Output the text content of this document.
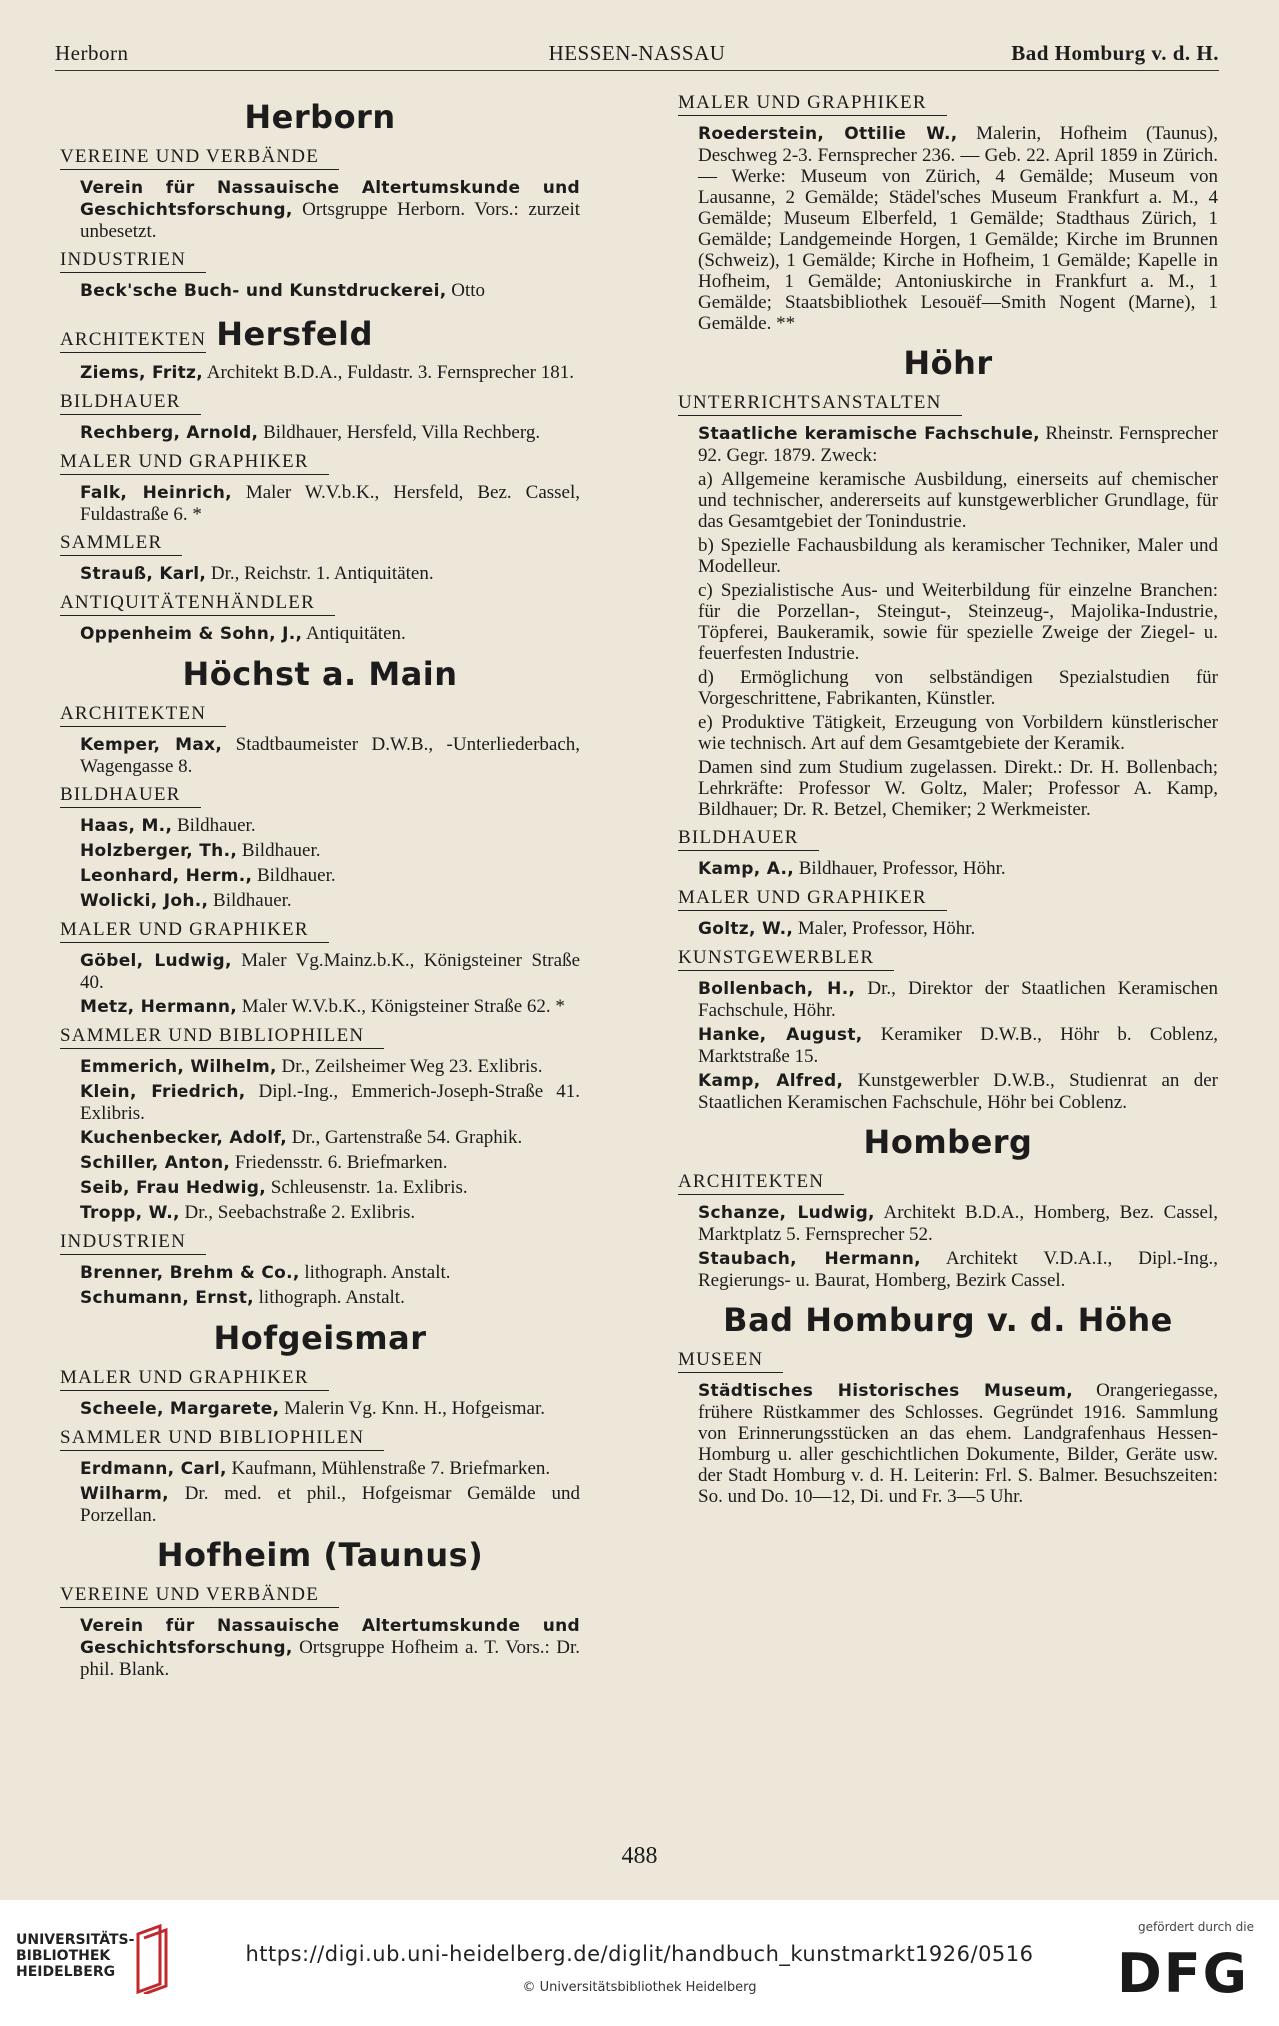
Herborn	HESSEN-NASSAU	Bad Homburg v. d. H.
Herborn
VEREINE UND VERBÄNDE
Verein für Nassauische Altertumskunde und Geschichtsforschung, Ortsgruppe Herborn. Vors.: zurzeit unbesetzt.
INDUSTRIEN
Beck'sche Buch- und Kunstdruckerei, Otto
ARCHITEKTEN Hersfeld
Ziems, Fritz, Architekt B.D.A., Fuldastr. 3. Fernsprecher 181.
BILDHAUER
Rechberg, Arnold, Bildhauer, Hersfeld, Villa Rechberg.
MALER UND GRAPHIKER
Falk, Heinrich, Maler W.V.b.K., Hersfeld, Bez. Cassel, Fuldastraße 6. *
SAMMLER
Strauß, Karl, Dr., Reichstr. 1. Antiquitäten.
ANTIQUITÄTENHÄNDLER
Oppenheim & Sohn, J., Antiquitäten.
Höchst a. Main
ARCHITEKTEN
Kemper, Max, Stadtbaumeister D.W.B., -Unterliederbach, Wagengasse 8.
BILDHAUER
Haas, M., Bildhauer.
Holzberger, Th., Bildhauer.
Leonhard, Herm., Bildhauer.
Wolicki, Joh., Bildhauer.
MALER UND GRAPHIKER
Göbel, Ludwig, Maler Vg.Mainz.b.K., Königsteiner Straße 40.
Metz, Hermann, Maler W.V.b.K., Königsteiner Straße 62. *
SAMMLER UND BIBLIOPHILEN
Emmerich, Wilhelm, Dr., Zeilsheimer Weg 23. Exlibris.
Klein, Friedrich, Dipl.-Ing., Emmerich-Joseph-Straße 41. Exlibris.
Kuchenbecker, Adolf, Dr., Gartenstraße 54. Graphik.
Schiller, Anton, Friedensstr. 6. Briefmarken.
Seib, Frau Hedwig, Schleusenstr. 1a. Exlibris.
Tropp, W., Dr., Seebachstraße 2. Exlibris.
INDUSTRIEN
Brenner, Brehm & Co., lithograph. Anstalt.
Schumann, Ernst, lithograph. Anstalt.
Hofgeismar
MALER UND GRAPHIKER
Scheele, Margarete, Malerin Vg. Knn. H., Hofgeismar.
SAMMLER UND BIBLIOPHILEN
Erdmann, Carl, Kaufmann, Mühlenstraße 7. Briefmarken.
Wilharm, Dr. med. et phil., Hofgeismar Gemälde und Porzellan.
Hofheim (Taunus)
VEREINE UND VERBÄNDE
Verein für Nassauische Altertumskunde und Geschichtsforschung, Ortsgruppe Hofheim a. T. Vors.: Dr. phil. Blank.
MALER UND GRAPHIKER
Roederstein, Ottilie W., Malerin, Hofheim (Taunus), Deschweg 2-3. Fernsprecher 236. — Geb. 22. April 1859 in Zürich. — Werke: Museum von Zürich, 4 Gemälde; Museum von Lausanne, 2 Gemälde; Städel'sches Museum Frankfurt a. M., 4 Gemälde; Museum Elberfeld, 1 Gemälde; Stadthaus Zürich, 1 Gemälde; Landgemeinde Horgen, 1 Gemälde; Kirche im Brunnen (Schweiz), 1 Gemälde; Kirche in Hofheim, 1 Gemälde; Kapelle in Hofheim, 1 Gemälde; Antoniuskirche in Frankfurt a. M., 1 Gemälde; Staatsbibliothek Lesouëf—Smith Nogent (Marne), 1 Gemälde. **
Höhr
UNTERRICHTSANSTALTEN
Staatliche keramische Fachschule, Rheinstr. Fernsprecher 92. Gegr. 1879. Zweck:
a) Allgemeine keramische Ausbildung, einerseits auf chemischer und technischer, andererseits auf kunstgewerblicher Grundlage, für das Gesamtgebiet der Tonindustrie.
b) Spezielle Fachausbildung als keramischer Techniker, Maler und Modelleur.
c) Spezialistische Aus- und Weiterbildung für einzelne Branchen: für die Porzellan-, Steingut-, Steinzeug-, Majolika-Industrie, Töpferei, Baukeramik, sowie für spezielle Zweige der Ziegel- u. feuerfesten Industrie.
d) Ermöglichung von selbständigen Spezialstudien für Vorgeschrittene, Fabrikanten, Künstler.
e) Produktive Tätigkeit, Erzeugung von Vorbildern künstlerischer wie technisch. Art auf dem Gesamtgebiete der Keramik.
Damen sind zum Studium zugelassen. Direkt.: Dr. H. Bollenbach; Lehrkräfte: Professor W. Goltz, Maler; Professor A. Kamp, Bildhauer; Dr. R. Betzel, Chemiker; 2 Werkmeister.
BILDHAUER
Kamp, A., Bildhauer, Professor, Höhr.
MALER UND GRAPHIKER
Goltz, W., Maler, Professor, Höhr.
KUNSTGEWERBLER
Bollenbach, H., Dr., Direktor der Staatlichen Keramischen Fachschule, Höhr.
Hanke, August, Keramiker D.W.B., Höhr b. Coblenz, Marktstraße 15.
Kamp, Alfred, Kunstgewerbler D.W.B., Studienrat an der Staatlichen Keramischen Fachschule, Höhr bei Coblenz.
Homberg
ARCHITEKTEN
Schanze, Ludwig, Architekt B.D.A., Homberg, Bez. Cassel, Marktplatz 5. Fernsprecher 52.
Staubach, Hermann, Architekt V.D.A.I., Dipl.-Ing., Regierungs- u. Baurat, Homberg, Bezirk Cassel.
Bad Homburg v. d. Höhe
MUSEEN
Städtisches Historisches Museum, Orangeriegasse, frühere Rüstkammer des Schlosses. Gegründet 1916. Sammlung von Erinnerungsstücken an das ehem. Landgrafenhaus Hessen-Homburg u. aller geschichtlichen Dokumente, Bilder, Geräte usw. der Stadt Homburg v. d. H. Leiterin: Frl. S. Balmer. Besuchszeiten: So. und Do. 10—12, Di. und Fr. 3—5 Uhr.
488
UNIVERSITÄTS-
BIBLIOTHEK
HEIDELBERG
https://digi.ub.uni-heidelberg.de/diglit/handbuch_kunstmarkt1926/0516
© Universitätsbibliothek Heidelberg
gefördert durch die
DFG
